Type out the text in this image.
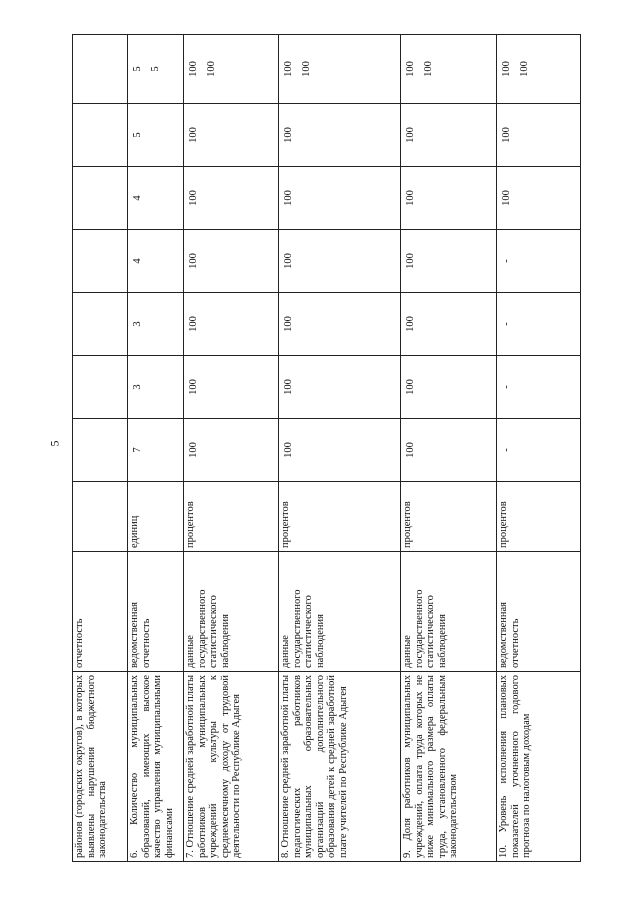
5
районов (городских округов), в которых выявлены нарушения бюджетного законодательства	отчетность								
6. Количество муниципальных образований, имеющих высокое качество управления муниципальными финансами	ведомственная отчетность	единиц	7	3	3	4	4	5	5 5

7. Отношение средней заработной платы работников муниципальных учреждений культуры к среднемесячному доходу от трудовой деятельности по Республике Адыгея	данные государственного статистического наблюдения	процентов	100	100	100	100	100	100	100 100

8. Отношение средней заработной платы педагогических работников муниципальных образовательных организаций дополнительного образования детей к средней заработной плате учителей по Республике Адыгея	данные государственного статистического наблюдения	процентов	100	100	100	100	100	100	100 100

9. Доля работников муниципальных учреждений, оплата труда которых не ниже минимального размера оплаты труда, установленного федеральным законодательством	данные государственного статистического наблюдения	процентов	100	100	100	100	100	100	100 100

10. Уровень исполнения плановых показателей уточненного годового прогноза по налоговым доходам	ведомственная отчетность	процентов	-	-	-	-	100	100	100 100
